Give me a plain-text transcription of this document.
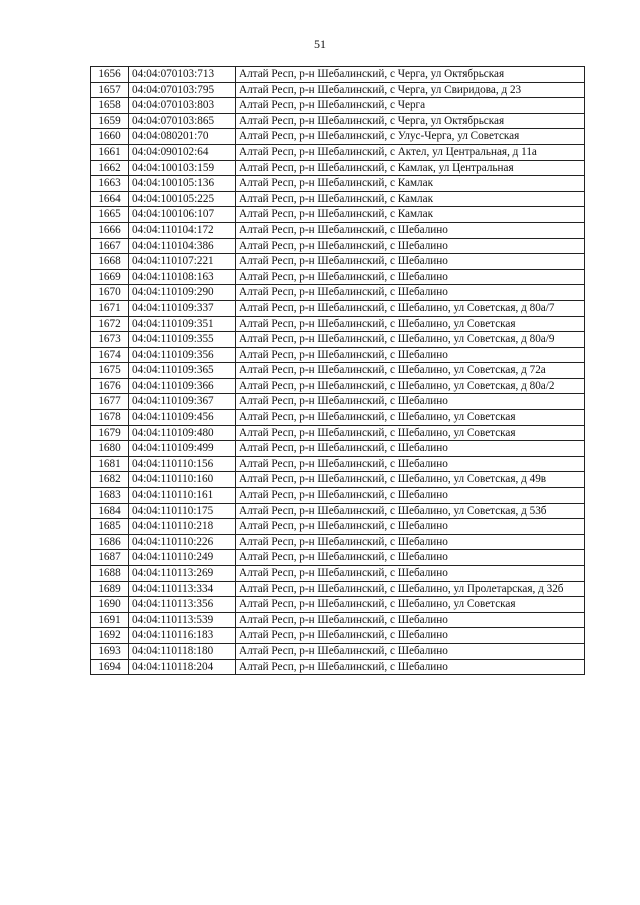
51
1656	04:04:070103:713	Алтай Респ, р-н Шебалинский, с Черга, ул Октябрьская
1657	04:04:070103:795	Алтай Респ, р-н Шебалинский, с Черга, ул Свиридова, д 23
1658	04:04:070103:803	Алтай Респ, р-н Шебалинский, с Черга
1659	04:04:070103:865	Алтай Респ, р-н Шебалинский, с Черга, ул Октябрьская
1660	04:04:080201:70	Алтай Респ, р-н Шебалинский, с Улус-Черга, ул Советская
1661	04:04:090102:64	Алтай Респ, р-н Шебалинский, с Актел, ул Центральная, д 11а
1662	04:04:100103:159	Алтай Респ, р-н Шебалинский, с Камлак, ул Центральная
1663	04:04:100105:136	Алтай Респ, р-н Шебалинский, с Камлак
1664	04:04:100105:225	Алтай Респ, р-н Шебалинский, с Камлак
1665	04:04:100106:107	Алтай Респ, р-н Шебалинский, с Камлак
1666	04:04:110104:172	Алтай Респ, р-н Шебалинский, с Шебалино
1667	04:04:110104:386	Алтай Респ, р-н Шебалинский, с Шебалино
1668	04:04:110107:221	Алтай Респ, р-н Шебалинский, с Шебалино
1669	04:04:110108:163	Алтай Респ, р-н Шебалинский, с Шебалино
1670	04:04:110109:290	Алтай Респ, р-н Шебалинский, с Шебалино
1671	04:04:110109:337	Алтай Респ, р-н Шебалинский, с Шебалино, ул Советская, д 80а/7
1672	04:04:110109:351	Алтай Респ, р-н Шебалинский, с Шебалино, ул Советская
1673	04:04:110109:355	Алтай Респ, р-н Шебалинский, с Шебалино, ул Советская, д 80а/9
1674	04:04:110109:356	Алтай Респ, р-н Шебалинский, с Шебалино
1675	04:04:110109:365	Алтай Респ, р-н Шебалинский, с Шебалино, ул Советская, д 72а
1676	04:04:110109:366	Алтай Респ, р-н Шебалинский, с Шебалино, ул Советская, д 80а/2
1677	04:04:110109:367	Алтай Респ, р-н Шебалинский, с Шебалино
1678	04:04:110109:456	Алтай Респ, р-н Шебалинский, с Шебалино, ул Советская
1679	04:04:110109:480	Алтай Респ, р-н Шебалинский, с Шебалино, ул Советская
1680	04:04:110109:499	Алтай Респ, р-н Шебалинский, с Шебалино
1681	04:04:110110:156	Алтай Респ, р-н Шебалинский, с Шебалино
1682	04:04:110110:160	Алтай Респ, р-н Шебалинский, с Шебалино, ул Советская, д 49в
1683	04:04:110110:161	Алтай Респ, р-н Шебалинский, с Шебалино
1684	04:04:110110:175	Алтай Респ, р-н Шебалинский, с Шебалино, ул Советская, д 53б
1685	04:04:110110:218	Алтай Респ, р-н Шебалинский, с Шебалино
1686	04:04:110110:226	Алтай Респ, р-н Шебалинский, с Шебалино
1687	04:04:110110:249	Алтай Респ, р-н Шебалинский, с Шебалино
1688	04:04:110113:269	Алтай Респ, р-н Шебалинский, с Шебалино
1689	04:04:110113:334	Алтай Респ, р-н Шебалинский, с Шебалино, ул Пролетарская, д 32б
1690	04:04:110113:356	Алтай Респ, р-н Шебалинский, с Шебалино, ул Советская
1691	04:04:110113:539	Алтай Респ, р-н Шебалинский, с Шебалино
1692	04:04:110116:183	Алтай Респ, р-н Шебалинский, с Шебалино
1693	04:04:110118:180	Алтай Респ, р-н Шебалинский, с Шебалино
1694	04:04:110118:204	Алтай Респ, р-н Шебалинский, с Шебалино
